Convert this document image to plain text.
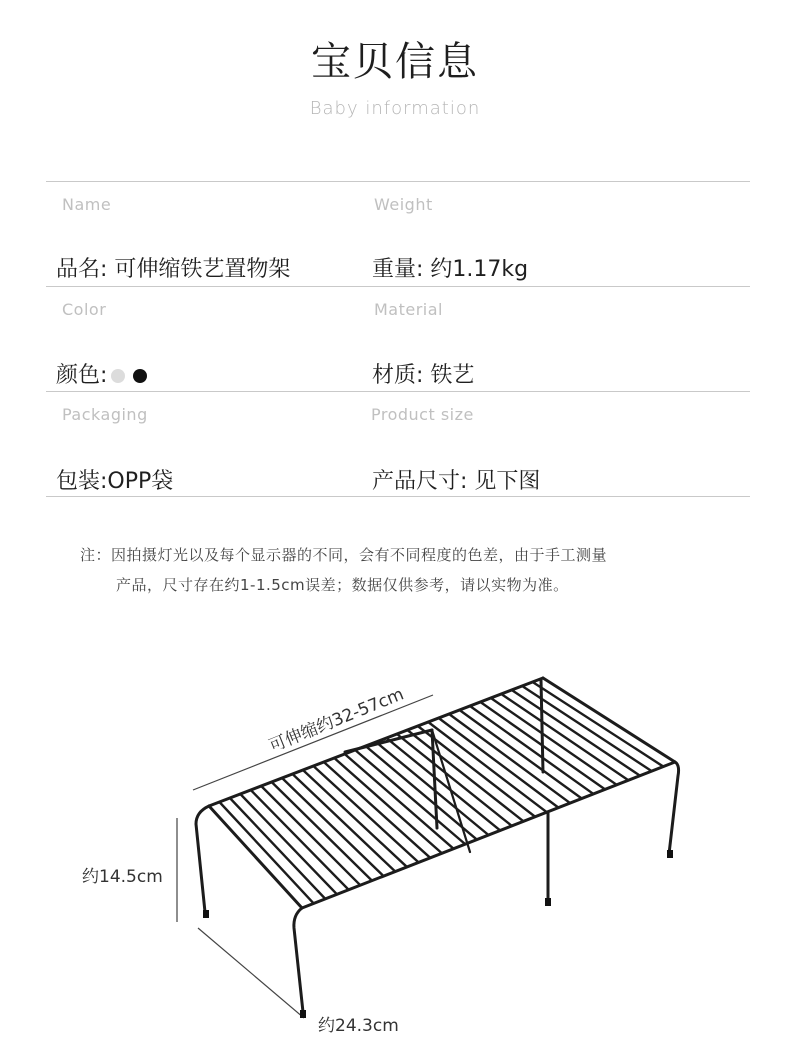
宝贝信息
Baby information
Name	Weight
品名: 可伸缩铁艺置物架	重量: 约1.17kg
Color	Material
颜色:	材质: 铁艺
Packaging	Product size
包装:OPP袋	产品尺寸: 见下图
注：因拍摄灯光以及每个显示器的不同，会有不同程度的色差，由于手工测量
产品，尺寸存在约1-1.5cm误差；数据仅供参考，请以实物为准。
可伸缩约32-57cm
约14.5cm
约24.3cm
